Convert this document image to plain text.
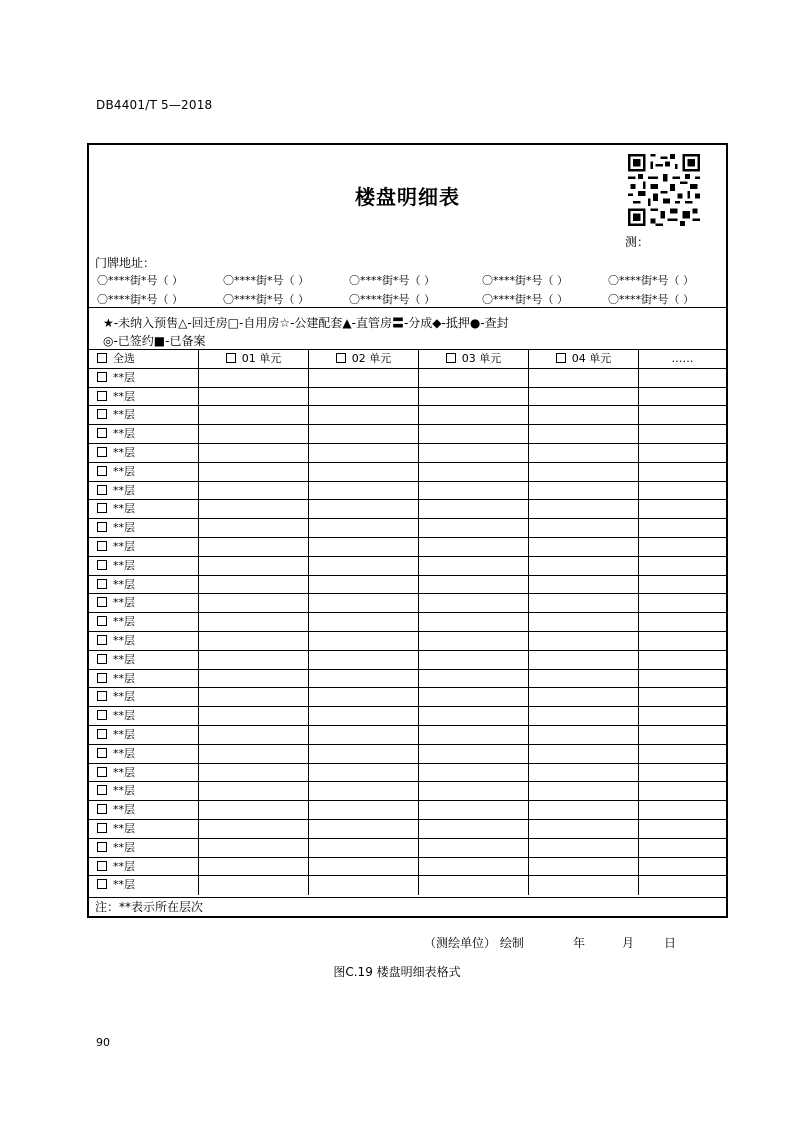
DB4401/T 5—2018
楼盘明细表
测：
门牌地址：
★-未纳入预售△-回迁房□-自用房☆-公建配套▲-直管房〓-分成◆-抵押●-查封
◎-已签约■-已备案
全选	01 单元	02 单元	03 单元	04 单元	……
**层
**层
**层
**层
**层
**层
**层
**层
**层
**层
**层
**层
**层
**层
**层
**层
**层
**层
**层
**层
**层
**层
**层
**层
**层
**层
**层
**层
注：**表示所在层次
〇****街*号（ ）	〇****街*号（ ）	〇****街*号（ ）	〇****街*号（ ）	〇****街*号（ ）
〇****街*号（ ）	〇****街*号（ ）	〇****街*号（ ）	〇****街*号（ ）	〇****街*号（ ）
（测绘单位） 绘制	年	月 日
图C.19 楼盘明细表格式
90
